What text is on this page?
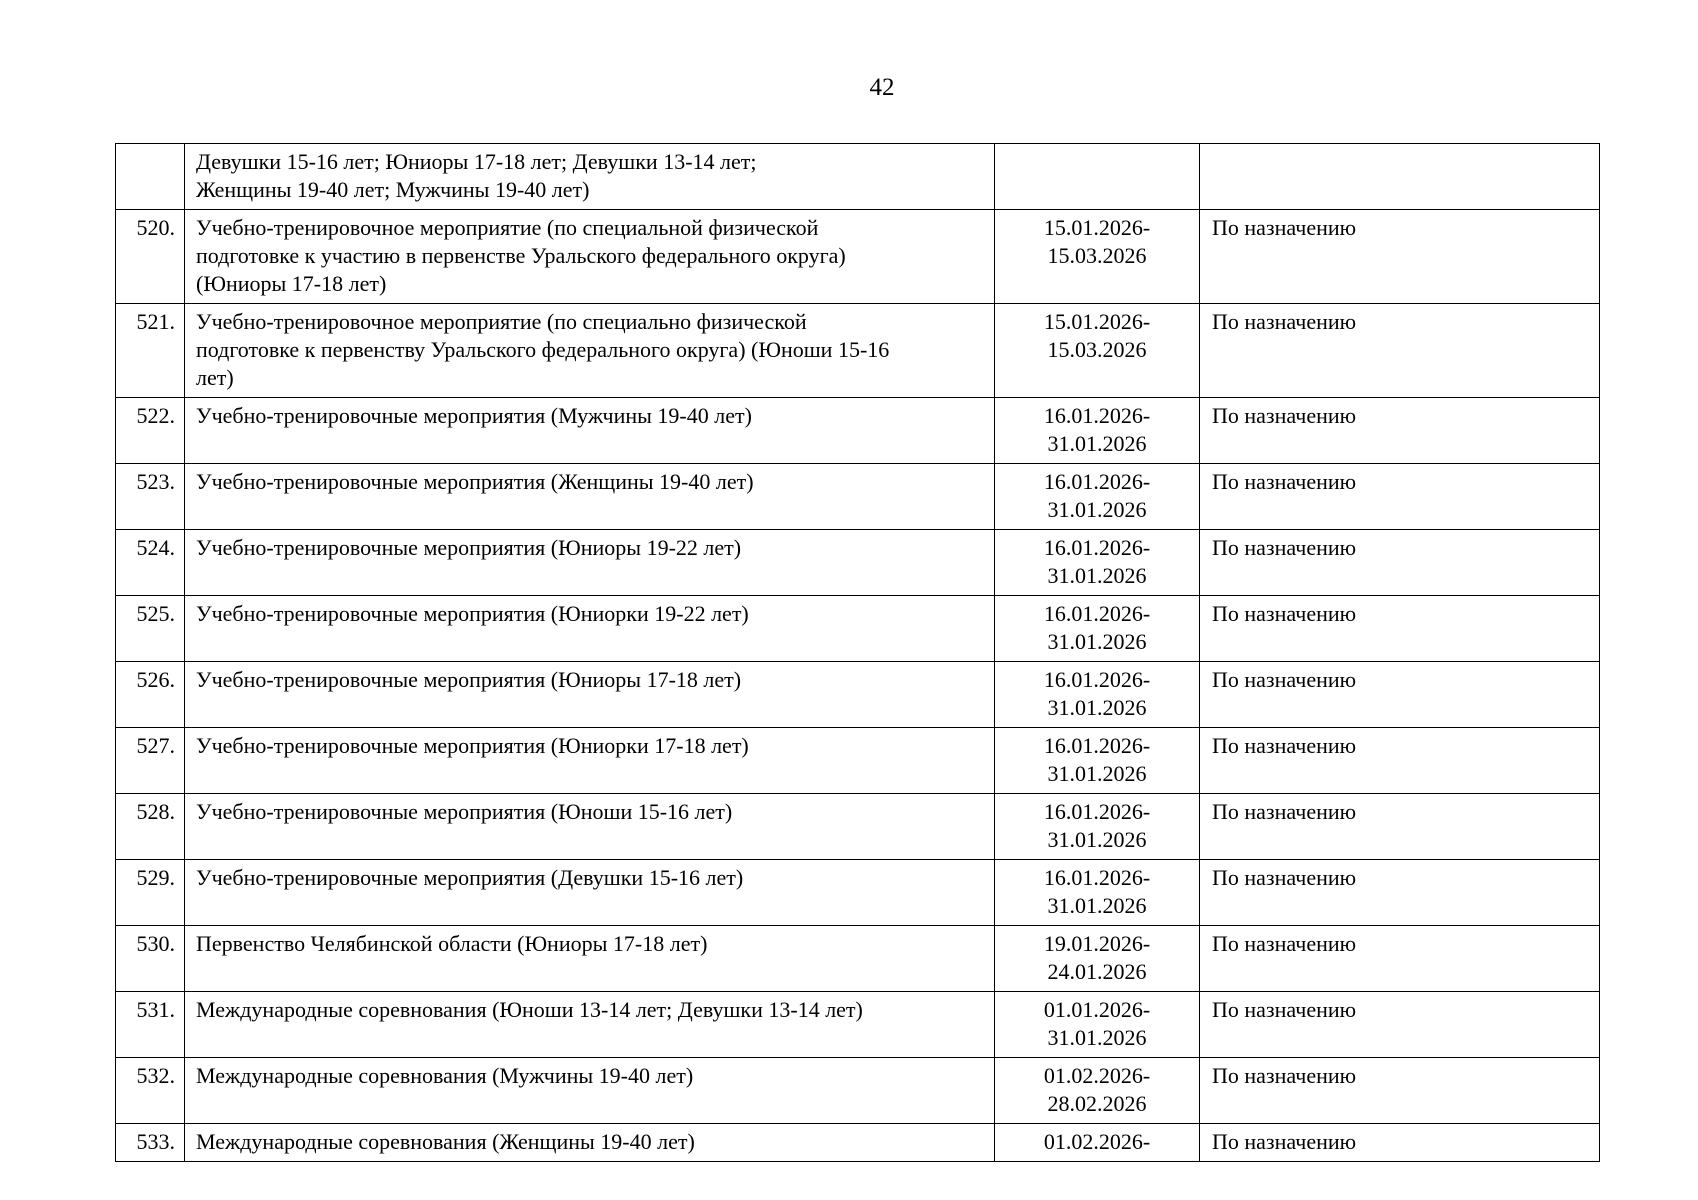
42

	Девушки 15-16 лет; Юниоры 17-18 лет; Девушки 13-14 лет;
Женщины 19-40 лет; Мужчины 19-40 лет)		

520.	Учебно-тренировочное мероприятие (по специальной физической
подготовке к участию в первенстве Уральского федерального округа)
(Юниоры 17-18 лет)	15.01.2026-
15.03.2026	По назначению
521.	Учебно-тренировочное мероприятие (по специально физической
подготовке к первенству Уральского федерального округа) (Юноши 15-16
лет)	15.01.2026-
15.03.2026	По назначению
522.	Учебно-тренировочные мероприятия (Мужчины 19-40 лет)	16.01.2026-
31.01.2026	По назначению
523.	Учебно-тренировочные мероприятия (Женщины 19-40 лет)	16.01.2026-
31.01.2026	По назначению
524.	Учебно-тренировочные мероприятия (Юниоры 19-22 лет)	16.01.2026-
31.01.2026	По назначению
525.	Учебно-тренировочные мероприятия (Юниорки 19-22 лет)	16.01.2026-
31.01.2026	По назначению
526.	Учебно-тренировочные мероприятия (Юниоры 17-18 лет)	16.01.2026-
31.01.2026	По назначению
527.	Учебно-тренировочные мероприятия (Юниорки 17-18 лет)	16.01.2026-
31.01.2026	По назначению
528.	Учебно-тренировочные мероприятия (Юноши 15-16 лет)	16.01.2026-
31.01.2026	По назначению
529.	Учебно-тренировочные мероприятия (Девушки 15-16 лет)	16.01.2026-
31.01.2026	По назначению
530.	Первенство Челябинской области (Юниоры 17-18 лет)	19.01.2026-
24.01.2026	По назначению
531.	Международные соревнования (Юноши 13-14 лет; Девушки 13-14 лет)	01.01.2026-
31.01.2026	По назначению
532.	Международные соревнования (Мужчины 19-40 лет)	01.02.2026-
28.02.2026	По назначению
533.	Международные соревнования (Женщины 19-40 лет)	01.02.2026-	По назначению
